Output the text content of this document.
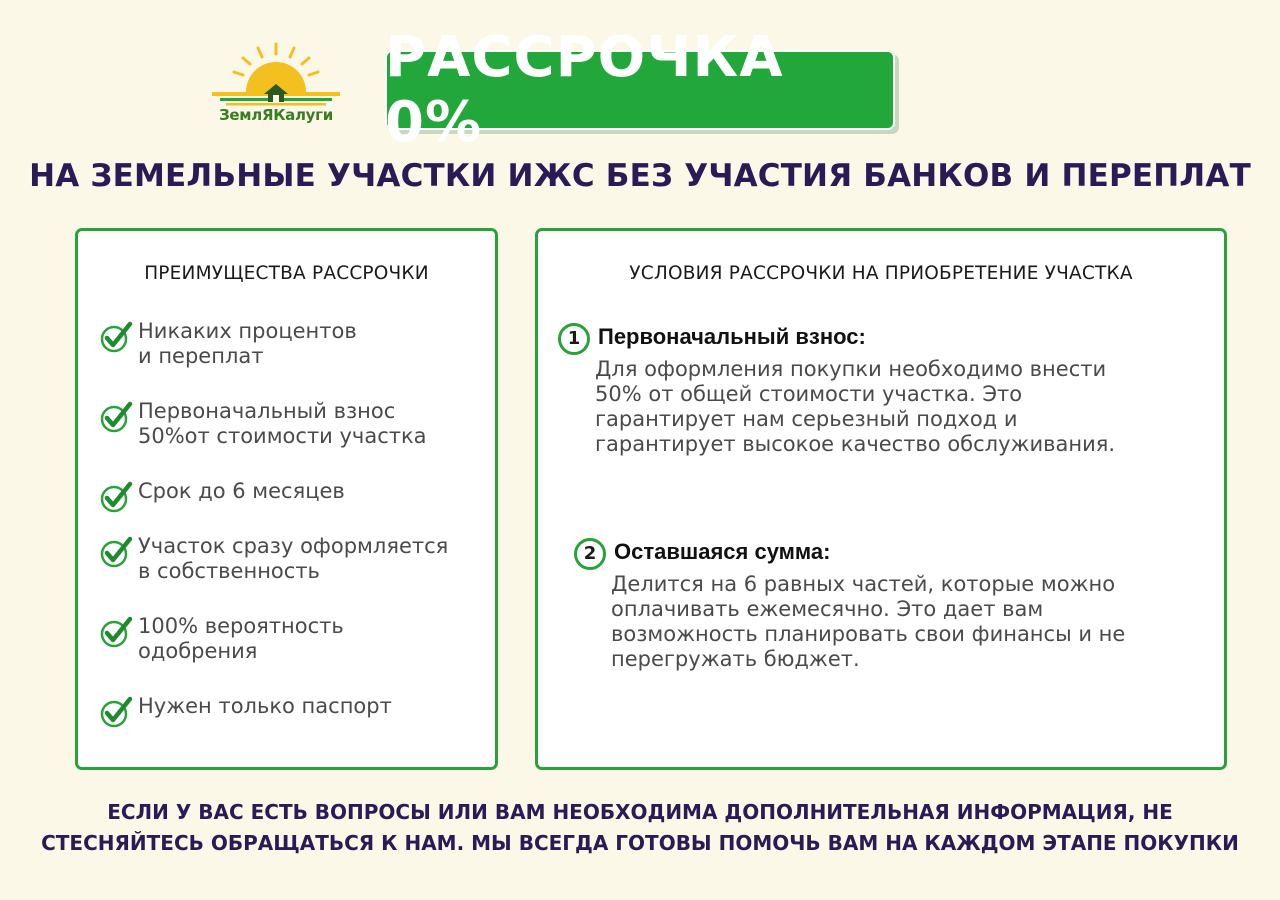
ЗемлЯКалуги
РАССРОЧКА 0%
НА ЗЕМЕЛЬНЫЕ УЧАСТКИ ИЖС БЕЗ УЧАСТИЯ БАНКОВ И ПЕРЕПЛАТ
ПРЕИМУЩЕСТВА РАССРОЧКИ
Никаких процентов
и переплат
Первоначальный взнос
50%от стоимости участка
Срок до 6 месяцев
Участок сразу оформляется
в собственность
100% вероятность
одобрения
Нужен только паспорт
УСЛОВИЯ РАССРОЧКИ НА ПРИОБРЕТЕНИЕ УЧАСТКА
1 Первоначальный взнос:
Для оформления покупки необходимо внести
50% от общей стоимости участка. Это
гарантирует нам серьезный подход и
гарантирует высокое качество обслуживания.
2 Оставшаяся сумма:
Делится на 6 равных частей, которые можно
оплачивать ежемесячно. Это дает вам
возможность планировать свои финансы и не
перегружать бюджет.
ЕСЛИ У ВАС ЕСТЬ ВОПРОСЫ ИЛИ ВАМ НЕОБХОДИМА ДОПОЛНИТЕЛЬНАЯ ИНФОРМАЦИЯ, НЕ
СТЕСНЯЙТЕСЬ ОБРАЩАТЬСЯ К НАМ. МЫ ВСЕГДА ГОТОВЫ ПОМОЧЬ ВАМ НА КАЖДОМ ЭТАПЕ ПОКУПКИ
